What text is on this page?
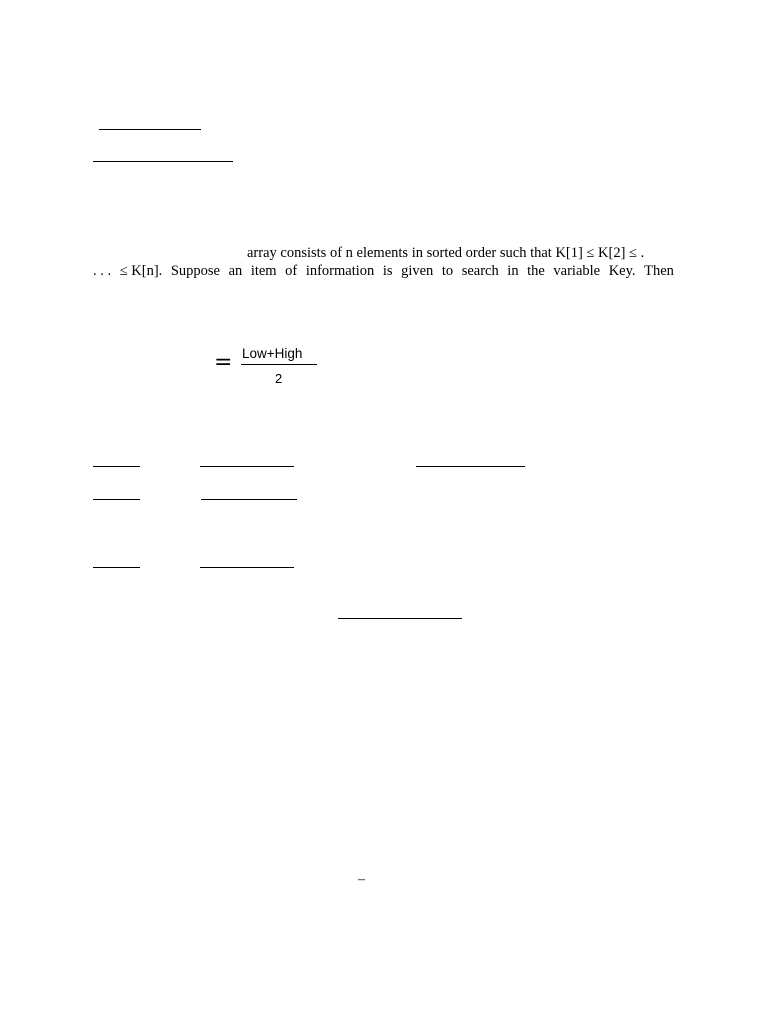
array consists of n elements in sorted order such that K[1] ≤ K[2] ≤ .
. . . ≤ K[n]. Suppose an item of information is given to search in the variable Key. Then
= Low+High
2
–
